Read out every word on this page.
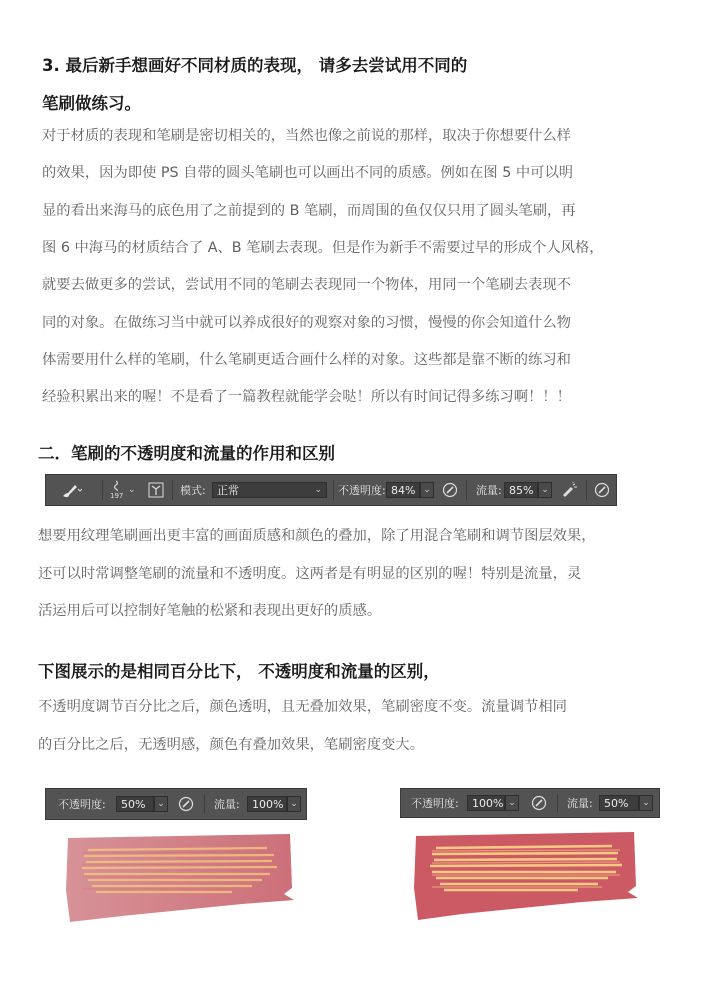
3. 最后新手想画好不同材质的表现， 请多去尝试用不同的
笔刷做练习。
对于材质的表现和笔刷是密切相关的，当然也像之前说的那样，取决于你想要什么样
的效果，因为即使 PS 自带的圆头笔刷也可以画出不同的质感。例如在图 5 中可以明
显的看出来海马的底色用了之前提到的 B 笔刷，而周围的鱼仅仅只用了圆头笔刷，再
图 6 中海马的材质结合了 A、B 笔刷去表现。但是作为新手不需要过早的形成个人风格，
就要去做更多的尝试，尝试用不同的笔刷去表现同一个物体，用同一个笔刷去表现不
同的对象。在做练习当中就可以养成很好的观察对象的习惯，慢慢的你会知道什么物
体需要用什么样的笔刷，什么笔刷更适合画什么样的对象。这些都是靠不断的练习和
经验积累出来的喔！不是看了一篇教程就能学会哒！所以有时间记得多练习啊！！！
二．笔刷的不透明度和流量的作用和区别
197
⌄	模式: 正常	⌄ 不透明度: 84% ⌄	流量: 85% ⌄
想要用纹理笔刷画出更丰富的画面质感和颜色的叠加，除了用混合笔刷和调节图层效果，
还可以时常调整笔刷的流量和不透明度。这两者是有明显的区别的喔！特别是流量，灵
活运用后可以控制好笔触的松紧和表现出更好的质感。
下图展示的是相同百分比下， 不透明度和流量的区别，
不透明度调节百分比之后，颜色透明，且无叠加效果，笔刷密度不变。流量调节相同
的百分比之后，无透明感，颜色有叠加效果，笔刷密度变大。
不透明度:	50%	⌄	流量:	100% ⌄	不透明度:	100% ⌄	流量:	50%	⌄
